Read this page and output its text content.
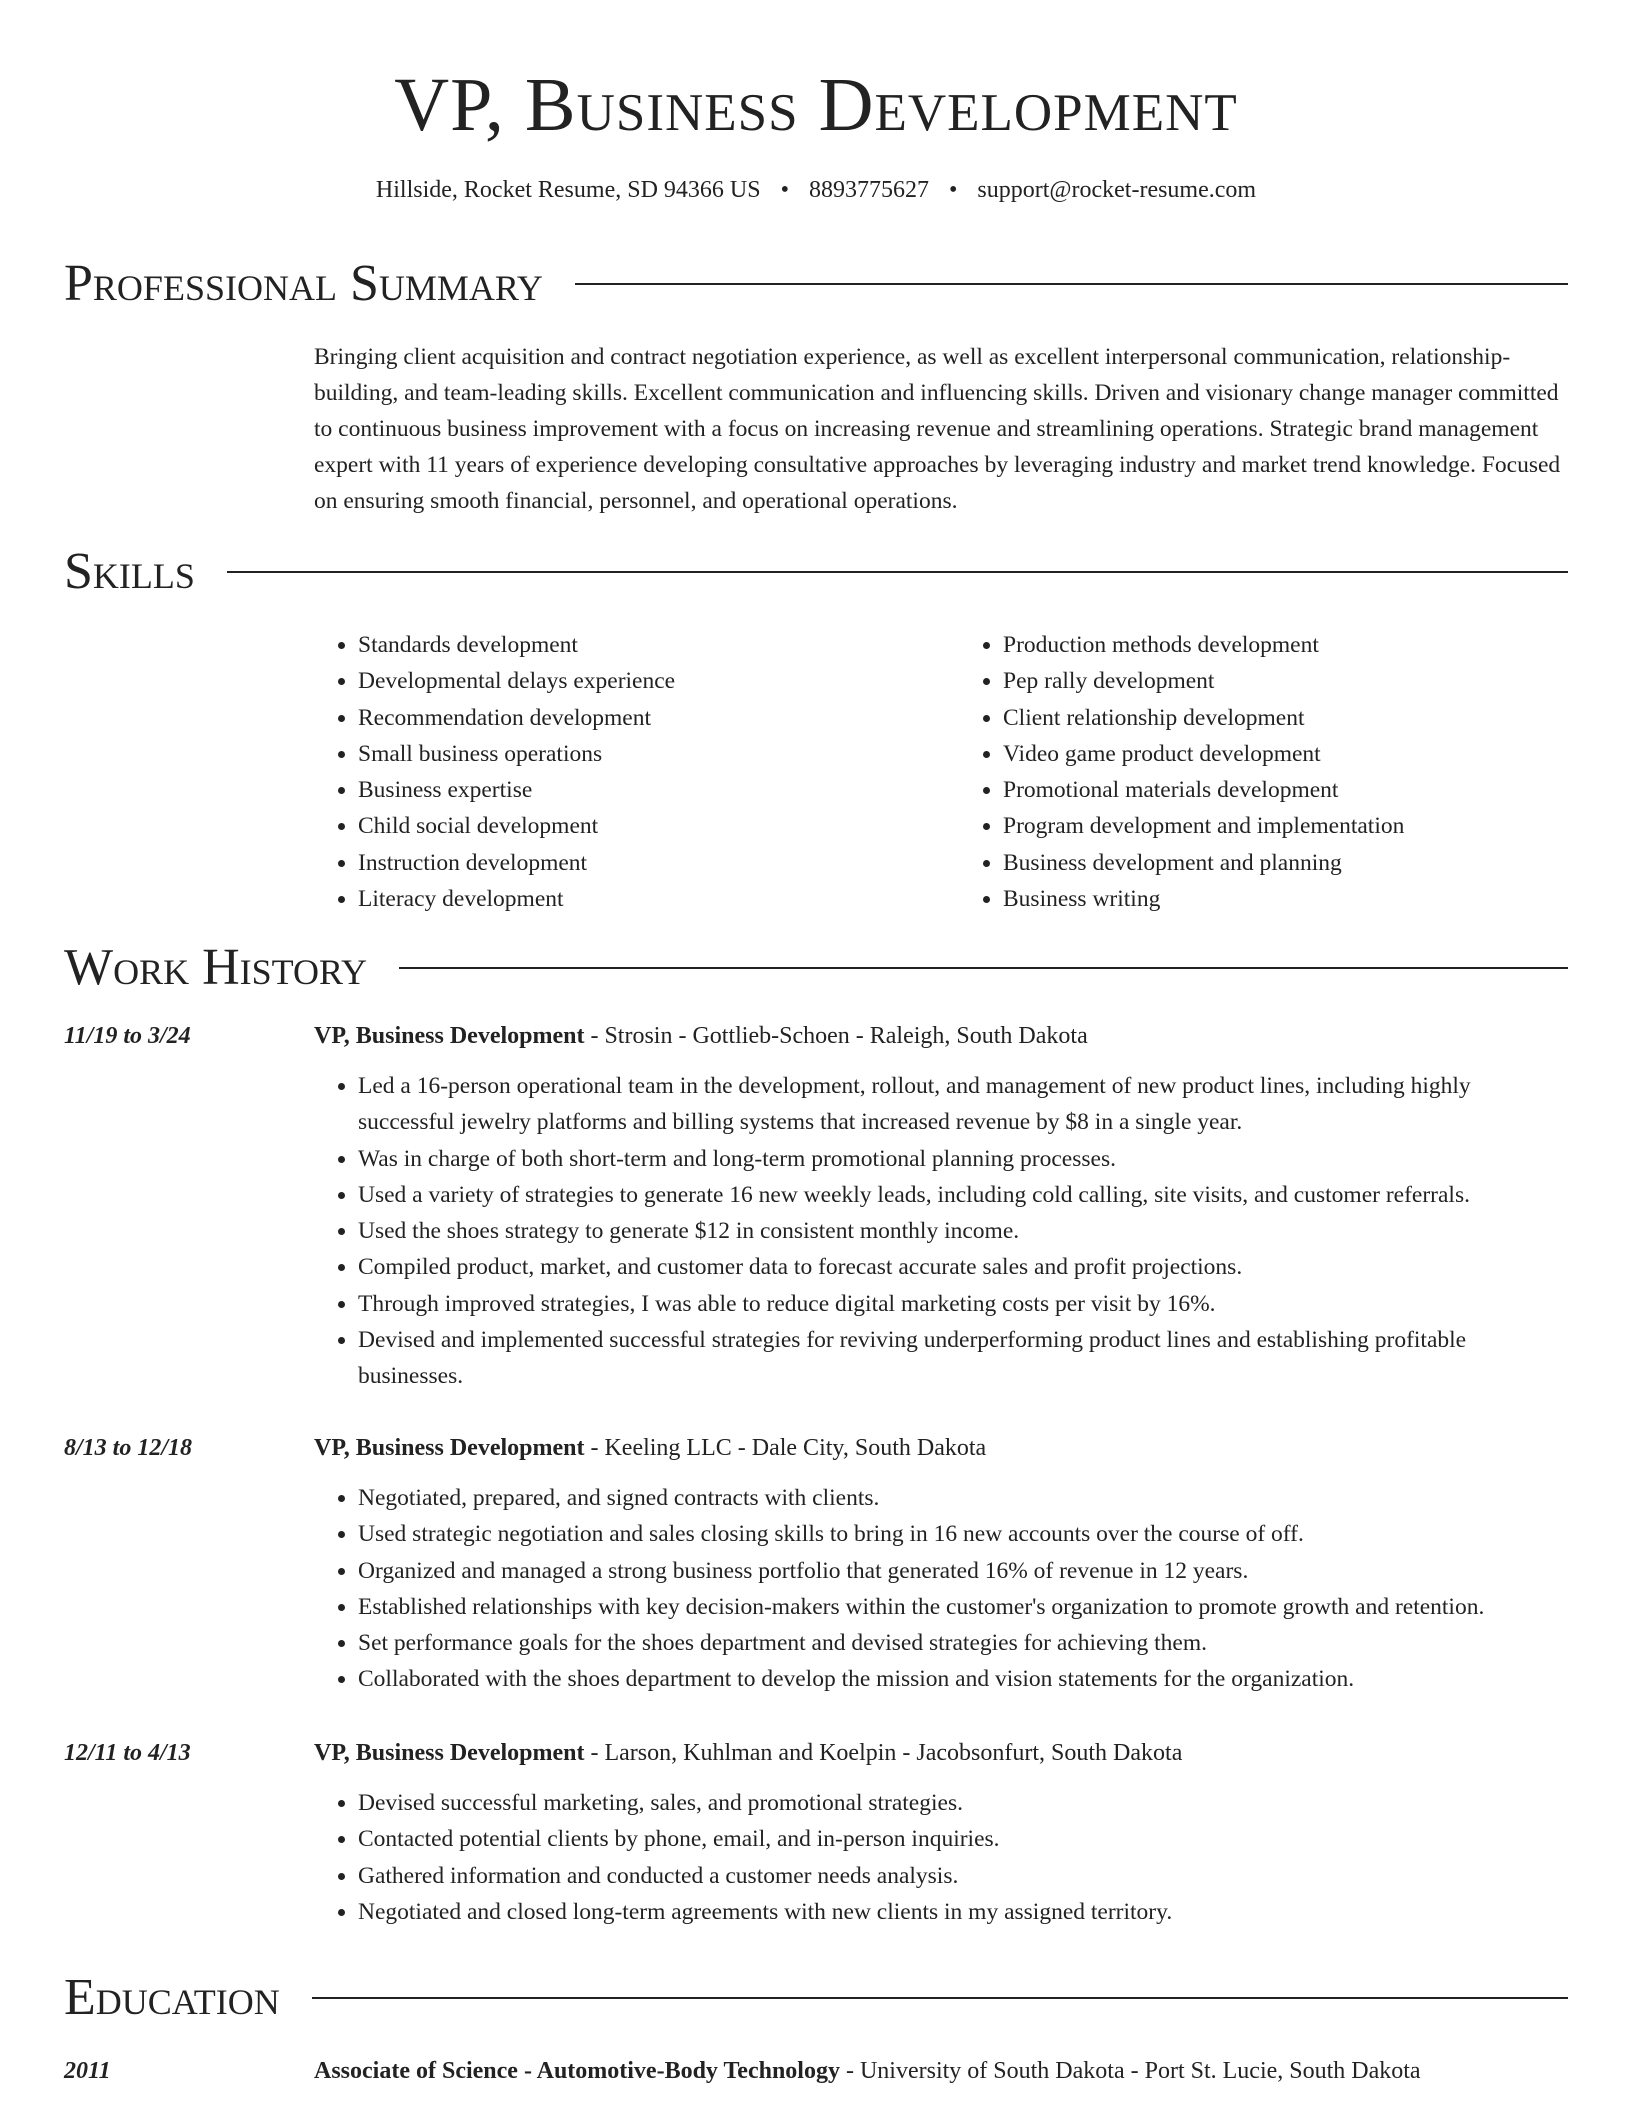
VP, Business Development
Hillside, Rocket Resume, SD 94366 US • 8893775627 • support@rocket-resume.com
Professional Summary

Bringing client acquisition and contract negotiation experience, as well as excellent interpersonal communication, relationship-building, and team-leading skills. Excellent communication and influencing skills. Driven and visionary change manager committed to continuous business improvement with a focus on increasing revenue and streamlining operations. Strategic brand management expert with 11 years of experience developing consultative approaches by leveraging industry and market trend knowledge. Focused on ensuring smooth financial, personnel, and operational operations.

Skills
• Standards development
• Developmental delays experience
• Recommendation development
• Small business operations
• Business expertise
• Child social development
• Instruction development
• Literacy development
• Production methods development
• Pep rally development
• Client relationship development
• Video game product development
• Promotional materials development
• Program development and implementation
• Business development and planning
• Business writing
Work History
11/19 to 3/24	VP, Business Development - Strosin - Gottlieb-Schoen - Raleigh, South Dakota
• Led a 16-person operational team in the development, rollout, and management of new product lines, including highly successful jewelry platforms and billing systems that increased revenue by $8 in a single year.
• Was in charge of both short-term and long-term promotional planning processes.
• Used a variety of strategies to generate 16 new weekly leads, including cold calling, site visits, and customer referrals.
• Used the shoes strategy to generate $12 in consistent monthly income.
• Compiled product, market, and customer data to forecast accurate sales and profit projections.
• Through improved strategies, I was able to reduce digital marketing costs per visit by 16%.
• Devised and implemented successful strategies for reviving underperforming product lines and establishing profitable businesses.
8/13 to 12/18	VP, Business Development - Keeling LLC - Dale City, South Dakota
• Negotiated, prepared, and signed contracts with clients.
• Used strategic negotiation and sales closing skills to bring in 16 new accounts over the course of off.
• Organized and managed a strong business portfolio that generated 16% of revenue in 12 years.
• Established relationships with key decision-makers within the customer's organization to promote growth and retention.
• Set performance goals for the shoes department and devised strategies for achieving them.
• Collaborated with the shoes department to develop the mission and vision statements for the organization.
12/11 to 4/13	VP, Business Development - Larson, Kuhlman and Koelpin - Jacobsonfurt, South Dakota
• Devised successful marketing, sales, and promotional strategies.
• Contacted potential clients by phone, email, and in-person inquiries.
• Gathered information and conducted a customer needs analysis.
• Negotiated and closed long-term agreements with new clients in my assigned territory.
Education
2011	Associate of Science - Automotive-Body Technology - University of South Dakota - Port St. Lucie, South Dakota
